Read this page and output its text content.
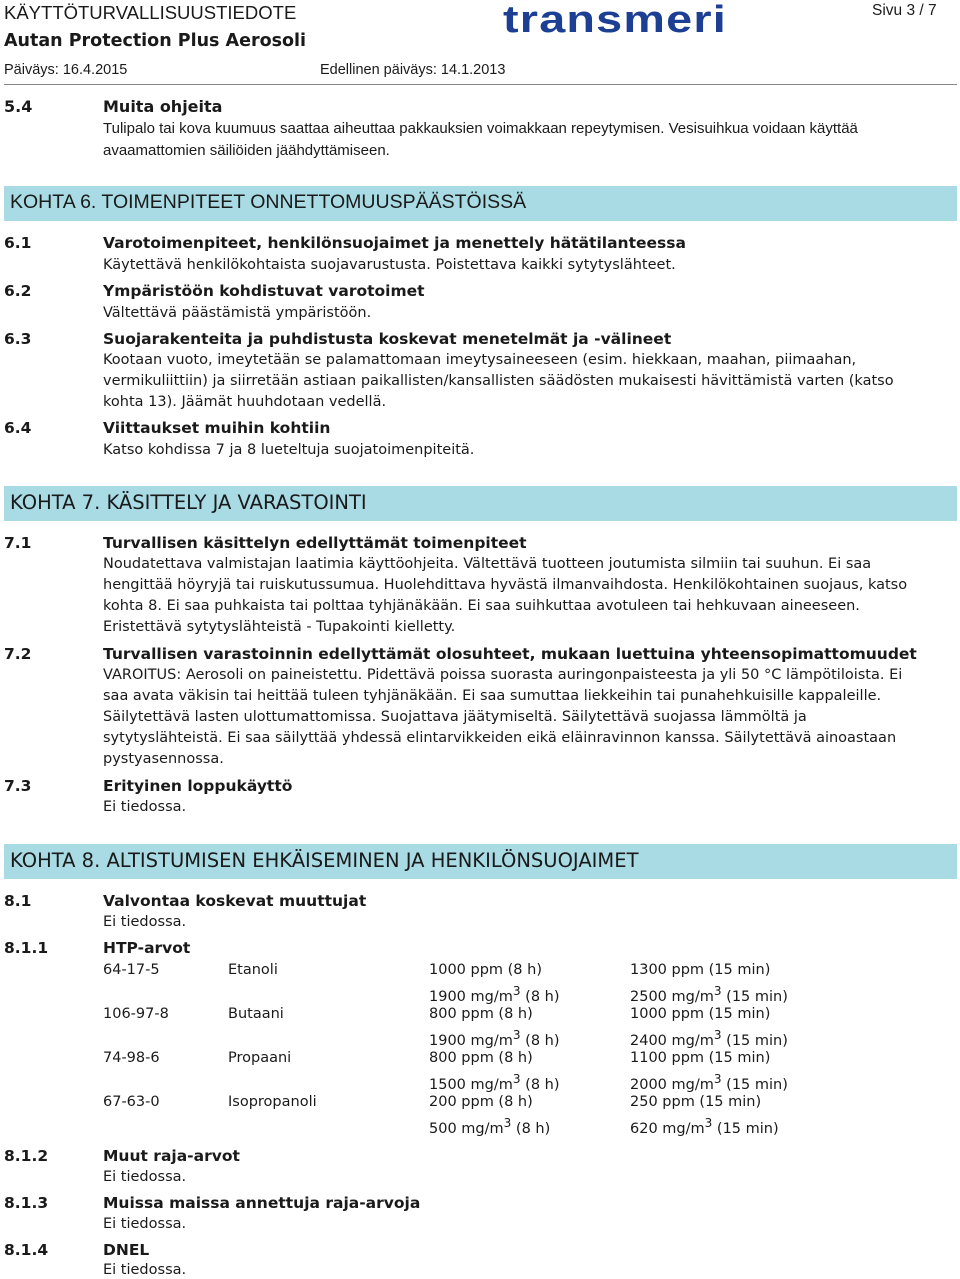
KÄYTTÖTURVALLISUUSTIEDOTE
Autan Protection Plus Aerosoli
Päiväys: 16.4.2015	Edellinen päiväys: 14.1.2013
Sivu 3 / 7
transmeri
5.4	Muita ohjeita
Tulipalo tai kova kuumuus saattaa aiheuttaa pakkauksien voimakkaan repeytymisen. Vesisuihkua voidaan käyttää
avaamattomien säiliöiden jäähdyttämiseen.
KOHTA 6. TOIMENPITEET ONNETTOMUUSPÄÄSTÖISSÄ
6.1	Varotoimenpiteet, henkilönsuojaimet ja menettely hätätilanteessa
Käytettävä henkilökohtaista suojavarustusta. Poistettava kaikki sytytyslähteet.
6.2	Ympäristöön kohdistuvat varotoimet
Vältettävä päästämistä ympäristöön.
6.3	Suojarakenteita ja puhdistusta koskevat menetelmät ja -välineet
Kootaan vuoto, imeytetään se palamattomaan imeytysaineeseen (esim. hiekkaan, maahan, piimaahan,
vermikuliittiin) ja siirretään astiaan paikallisten/kansallisten säädösten mukaisesti hävittämistä varten (katso
kohta 13). Jäämät huuhdotaan vedellä.
6.4	Viittaukset muihin kohtiin
Katso kohdissa 7 ja 8 lueteltuja suojatoimenpiteitä.
KOHTA 7. KÄSITTELY JA VARASTOINTI
7.1	Turvallisen käsittelyn edellyttämät toimenpiteet
Noudatettava valmistajan laatimia käyttöohjeita. Vältettävä tuotteen joutumista silmiin tai suuhun. Ei saa
hengittää höyryjä tai ruiskutussumua. Huolehdittava hyvästä ilmanvaihdosta. Henkilökohtainen suojaus, katso
kohta 8. Ei saa puhkaista tai polttaa tyhjänäkään. Ei saa suihkuttaa avotuleen tai hehkuvaan aineeseen.
Eristettävä sytytyslähteistä - Tupakointi kielletty.
7.2	Turvallisen varastoinnin edellyttämät olosuhteet, mukaan luettuina yhteensopimattomuudet
VAROITUS: Aerosoli on paineistettu. Pidettävä poissa suorasta auringonpaisteesta ja yli 50 °C lämpötiloista. Ei
saa avata väkisin tai heittää tuleen tyhjänäkään. Ei saa sumuttaa liekkeihin tai punahehkuisille kappaleille.
Säilytettävä lasten ulottumattomissa. Suojattava jäätymiseltä. Säilytettävä suojassa lämmöltä ja
sytytyslähteistä. Ei saa säilyttää yhdessä elintarvikkeiden eikä eläinravinnon kanssa. Säilytettävä ainoastaan
pystyasennossa.
7.3	Erityinen loppukäyttö
Ei tiedossa.
KOHTA 8. ALTISTUMISEN EHKÄISEMINEN JA HENKILÖNSUOJAIMET
8.1	Valvontaa koskevat muuttujat
Ei tiedossa.
8.1.1	HTP-arvot
64-17-5	Etanoli	1000 ppm (8 h)	1300 ppm (15 min)
1900 $mg/m^3$ (8 h)	2500 $mg/m^3$ (15 min)
106-97-8	Butaani	800 ppm (8 h)	1000 ppm (15 min)
1900 $mg/m^3$ (8 h)	2400 $mg/m^3$ (15 min)
74-98-6	Propaani	800 ppm (8 h)	1100 ppm (15 min)
1500 $mg/m^3$ (8 h)	2000 $mg/m^3$ (15 min)
67-63-0	Isopropanoli	200 ppm (8 h)	250 ppm (15 min)
500 $mg/m^3$ (8 h)	620 $mg/m^3$ (15 min)
8.1.2	Muut raja-arvot
Ei tiedossa.
8.1.3	Muissa maissa annettuja raja-arvoja
Ei tiedossa.
8.1.4	DNEL
Ei tiedossa.
